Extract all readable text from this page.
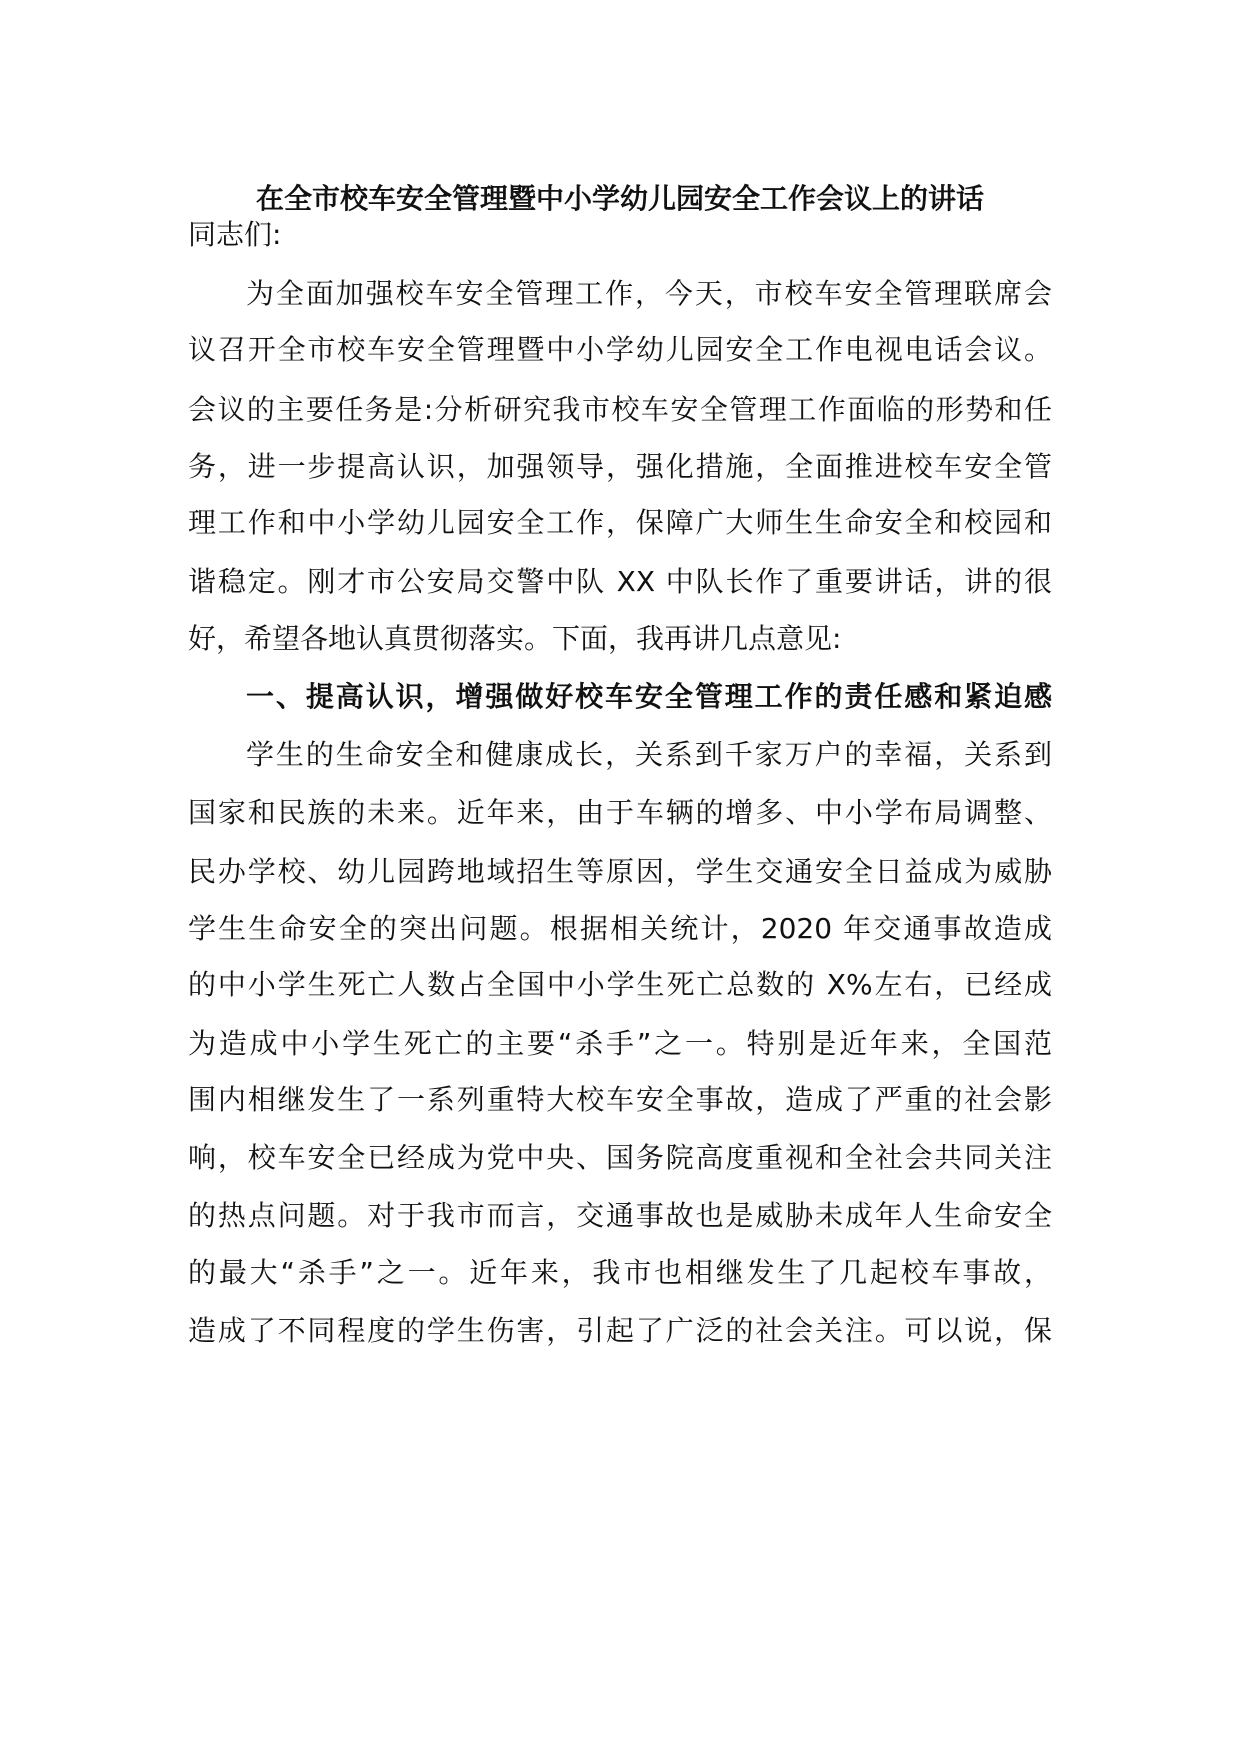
在全市校车安全管理暨中小学幼儿园安全工作会议上的讲话
同志们:
为全面加强校车安全管理工作，今天，市校车安全管理联席会
议召开全市校车安全管理暨中小学幼儿园安全工作电视电话会议。
会议的主要任务是:分析研究我市校车安全管理工作面临的形势和任
务，进一步提高认识，加强领导，强化措施，全面推进校车安全管
理工作和中小学幼儿园安全工作，保障广大师生生命安全和校园和
谐稳定。刚才市公安局交警中队 XX 中队长作了重要讲话，讲的很
好，希望各地认真贯彻落实。下面，我再讲几点意见:
一、提高认识，增强做好校车安全管理工作的责任感和紧迫感
学生的生命安全和健康成长，关系到千家万户的幸福，关系到
国家和民族的未来。近年来，由于车辆的增多、中小学布局调整、
民办学校、幼儿园跨地域招生等原因，学生交通安全日益成为威胁
学生生命安全的突出问题。根据相关统计，2020 年交通事故造成
的中小学生死亡人数占全国中小学生死亡总数的 X%左右，已经成
为造成中小学生死亡的主要“杀手”之一。特别是近年来，全国范
围内相继发生了一系列重特大校车安全事故，造成了严重的社会影
响，校车安全已经成为党中央、国务院高度重视和全社会共同关注
的热点问题。对于我市而言，交通事故也是威胁未成年人生命安全
的最大“杀手”之一。近年来，我市也相继发生了几起校车事故，
造成了不同程度的学生伤害，引起了广泛的社会关注。可以说，保
